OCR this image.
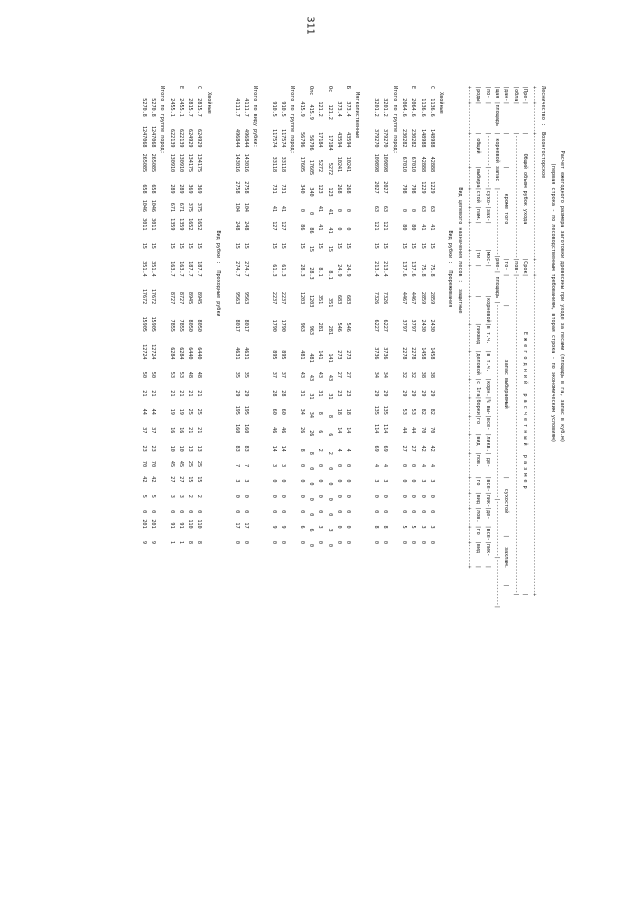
311
Расчет ежегодного размера заготовки древесины при уходе за лесами (площадь в га, запас в куб.м)
(первая строка - по лесоводственным требованиям, вторая строка - по экономическим условиям)
Лесничество :  Вохонгосторское
+----+---------+----------------------------------------+----+-------------------------------------------------------------------------------------------------------+
|Пре-|         |      Общий объем рубок ухода           |Срок|                  Е ж е г о д н и й   р а с ч е т н ы й   р а з м е р                                  |
|обла|         |----------------------------------------|пов-|-------------------------------------------------------------------------------------------------------|
|дан-|         |          |        кроме того           |то- |         |                 запас выбираемый                      |   сухостой       |   захлам.     |
|щая |площадь  | корневой запас  |---------------------|ряе-| площадь |---------------------------------------------------------------|------------------|---------------|
|по- |         |----------|------|сухо-|зах-|        |мос-|         |корневой|в т.ч.  |в т.ч.  |корн.|% вы-|все- |ликв.| де-   |все-|лик-|де-  |все-|лик-   |
|роды|         | общий    |выбира|стой |лам.|        |ти  |         |        |ликвид  |деловой |с 1га|борки|го   |вид  |лов.   |го  |вид |лов. |го  |вид    |
+----+---------+----------+------+-----+----+--------+----+---------+--------+--------+--------+-----+-----+-----+-----+-------+----+----+-----+----+-------+
Вид целевого назначения лесов :  защитные
Вид рубки :  Прореживания
Хвойные
С   1136.6    148988   42888   1229    63    41    15     75.8     2859     2430     1458    38    29    82    70    42    4    3    0    0    3    0
1136.6    148988   42888   1229    63    41    15     75.8     2859     2430     1458    38    29    82    70    42    4    3    0    0    3    0
Е   2064.6    230282   67010    798     0    80    15    137.6     4467     3797     2278    32    29    53    44    27    0    0    0    0    5    0
2064.6    230282   67010    798     0    80    15    137.6     4467     3797     2278    32    29    53    44    27    0    0    0    0    5    0
Итого по группе пород:
3201.2    379270  109898   2027    63   121    15    213.4     7326     6227     3736    34    29   135   114    69    4    3    0    0    8    0
3201.2    379270  109898   2027    63   121    15    213.4     7326     6227     3736    34    29   135   114    69    4    3    0    0    8    0
Мягколиственные
Б    373.4     43594   10241    268     0     0    15     24.9      683      546      273    27    23    18    14     4    0    0    0    0    0    0
373.4     43594   10241    268     0     0    15     24.9      683      546      273    27    23    18    14     4    0    0    0    0    0    0
Ос    121.2     17184    5272    123    41    41    15      8.1      351      281      141    43    31     8     6     2    0    0    0    0    3    0
121.2     17184    5272    123    41    41    15      8.1      351      281      141    43    31     8     6     2    0    0    0    0    3    0
Олс   415.9     56796   17605    340     0    86    15     28.3     1203      963      481    43    31    34    26     8    0    0    0    0    6    0
415.9     56796   17605    340     0    86    15     28.3     1203      963      481    43    31    34    26     8    0    0    0    0    6    0
Итого по группе пород:
910.5    117574   33118    731    41   127    15     61.3     2237     1790      895    37    28    60    46    14    3    0    0    0    9    0
910.5    117574   33118    731    41   127    15     61.3     2237     1790      895    37    28    60    46    14    3    0    0    0    9    0
Итого по виду рубки:
4111.7    496844  143016   2758   104   248    15    274.7     9563     8017     4631    35    29   195   160    83    7    3    0    0   17    0
4111.7    496844  143016   2758   104   248    15    274.7     9563     8017     4631    35    29   195   160    83    7    3    0    0   17    0
Вид рубки :  Проходные рубки
Хвойные
С   2815.7    624929  134175    369   375  1652    15    187.7     8945     8050     6440    48    21    25    21    13   25   15    2    0  110    8
2815.7    624929  134175    369   375  1652    15    187.7     8945     8050     6440    48    21    25    21    13   25   15    2    0  110    8
Е   2455.1    622139  130910    289   671  1359    15    163.7     8727     7855     6284    53    21    19    16    10   45   27    3    0   91    1
2455.1    622139  130910    289   671  1359    15    163.7     8727     7855     6284    53    21    19    16    10   45   27    3    0   91    1
Итого по группе пород:
5270.8   1247068  265085    658  1046  3011    15    351.4    17672    15905    12724    50    21    44    37    23   70   42    5    0  201    9
5270.8   1247068  265085    658  1046  3011    15    351.4    17672    15905    12724    50    21    44    37    23   70   42    5    0  201    9
